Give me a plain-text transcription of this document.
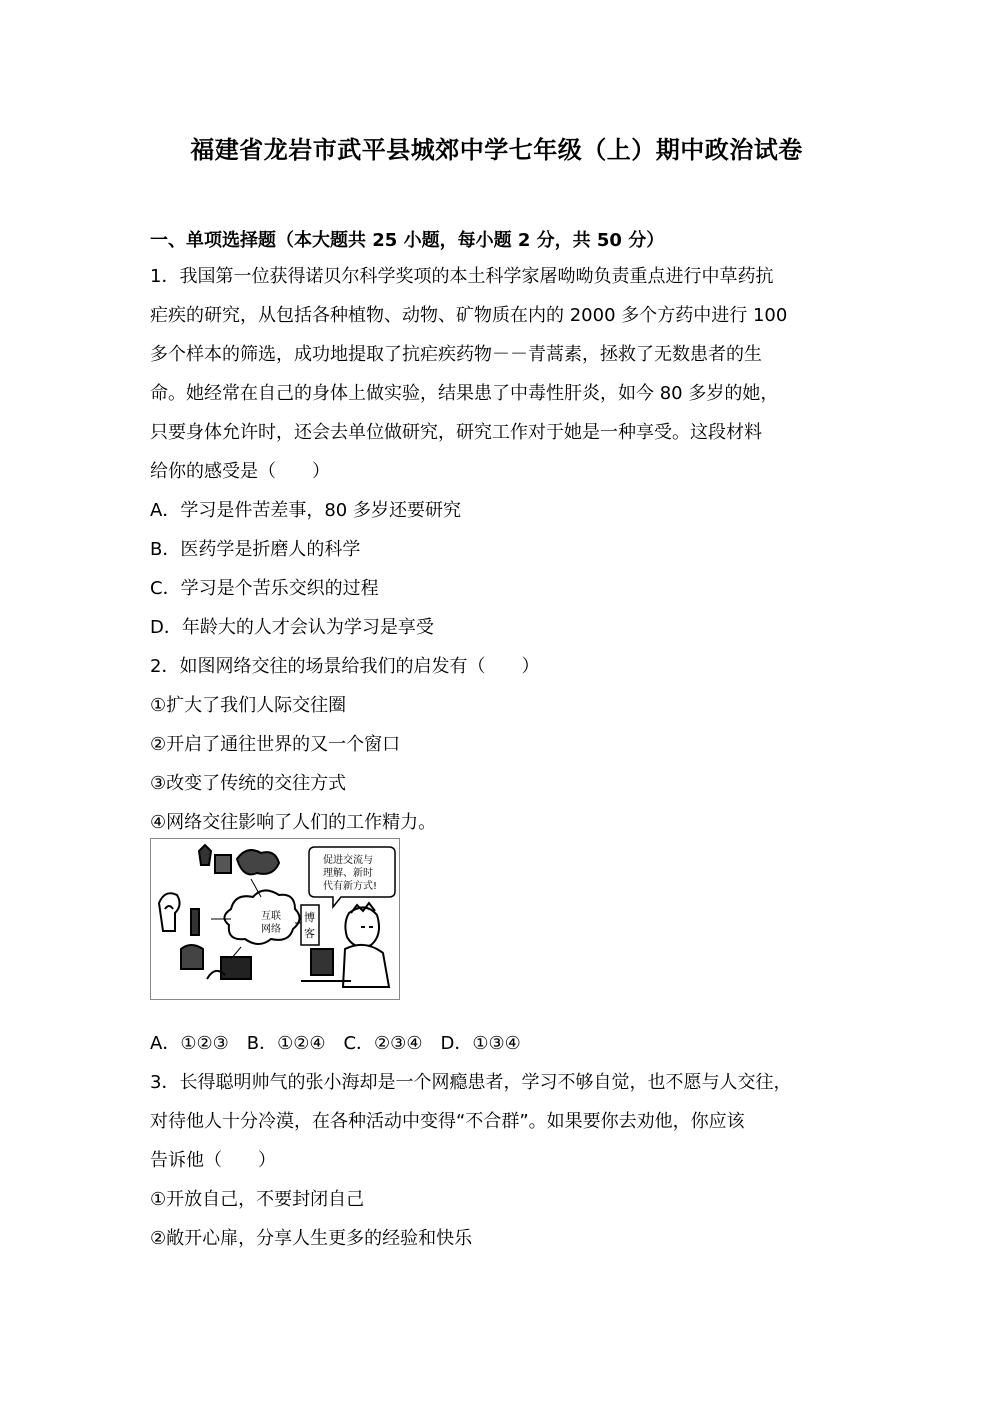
福建省龙岩市武平县城郊中学七年级（上）期中政治试卷
一、单项选择题（本大题共 25 小题，每小题 2 分，共 50 分）
1．我国第一位获得诺贝尔科学奖项的本土科学家屠呦呦负责重点进行中草药抗
疟疾的研究，从包括各种植物、动物、矿物质在内的 2000 多个方药中进行 100
多个样本的筛选，成功地提取了抗疟疾药物－－青蒿素，拯救了无数患者的生
命。她经常在自己的身体上做实验，结果患了中毒性肝炎，如今 80 多岁的她，
只要身体允许时，还会去单位做研究，研究工作对于她是一种享受。这段材料
给你的感受是（　　）
A．学习是件苦差事，80 多岁还要研究
B．医药学是折磨人的科学
C．学习是个苦乐交织的过程
D．年龄大的人才会认为学习是享受
2．如图网络交往的场景给我们的启发有（　　）
①扩大了我们人际交往圈
②开启了通往世界的又一个窗口
③改变了传统的交往方式
④网络交往影响了人们的工作精力。
促进交流与
理解、新时
代有新方式!
互联
网络
博
客
A．①②③　B．①②④　C．②③④　D．①③④
3．长得聪明帅气的张小海却是一个网瘾患者，学习不够自觉，也不愿与人交往，
对待他人十分冷漠，在各种活动中变得“不合群”。如果要你去劝他，你应该
告诉他（　　）
①开放自己，不要封闭自己
②敞开心扉，分享人生更多的经验和快乐
